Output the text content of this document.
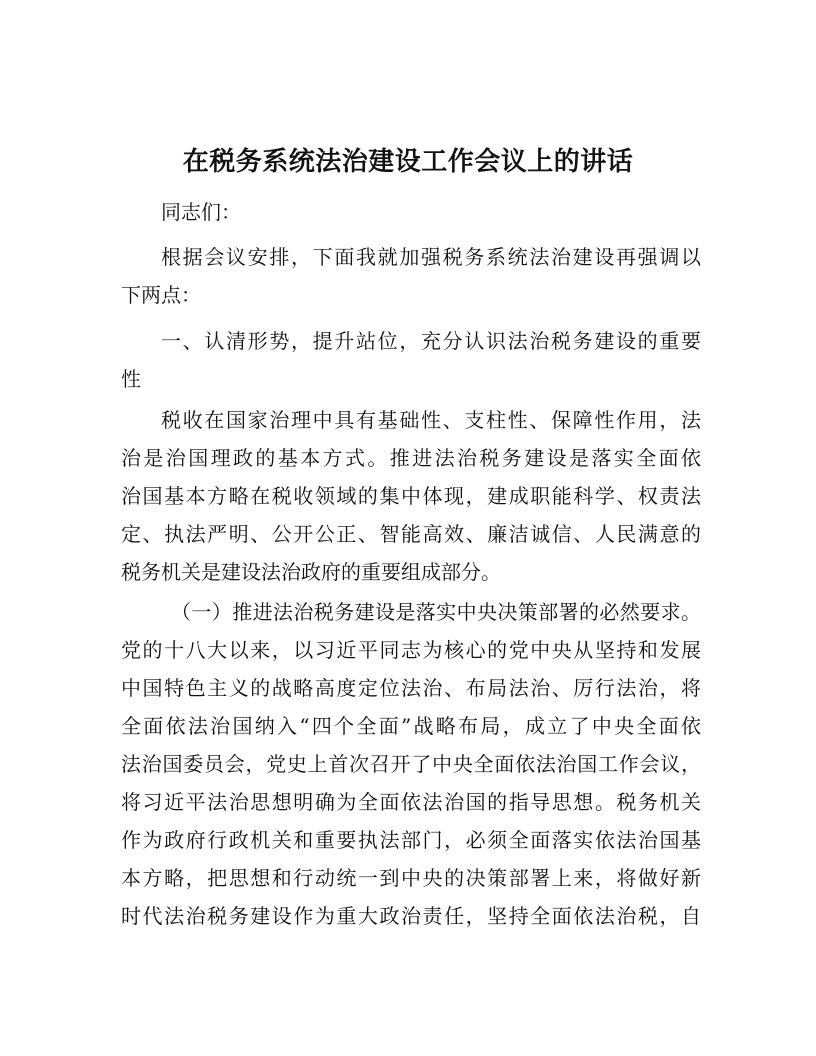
在税务系统法治建设工作会议上的讲话

同志们：

根据会议安排，下面我就加强税务系统法治建设再强调以

下两点：

一、认清形势，提升站位，充分认识法治税务建设的重要

性

税收在国家治理中具有基础性、支柱性、保障性作用，法

治是治国理政的基本方式。推进法治税务建设是落实全面依

治国基本方略在税收领域的集中体现，建成职能科学、权责法

定、执法严明、公开公正、智能高效、廉洁诚信、人民满意的

税务机关是建设法治政府的重要组成部分。

（一）推进法治税务建设是落实中央决策部署的必然要求。

党的十八大以来，以习近平同志为核心的党中央从坚持和发展

中国特色主义的战略高度定位法治、布局法治、厉行法治，将

全面依法治国纳入“四个全面”战略布局，成立了中央全面依

法治国委员会，党史上首次召开了中央全面依法治国工作会议，

将习近平法治思想明确为全面依法治国的指导思想。税务机关

作为政府行政机关和重要执法部门，必须全面落实依法治国基

本方略，把思想和行动统一到中央的决策部署上来，将做好新

时代法治税务建设作为重大政治责任，坚持全面依法治税，自
